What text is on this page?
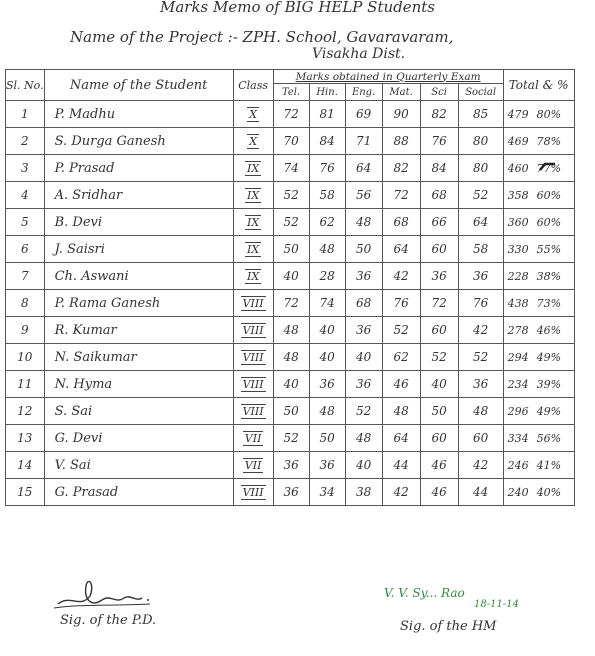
Marks Memo of BIG HELP Students
Name of the Project :- ZPH. School, Gavaravaram,
Visakha Dist.
Sl. No.	Name of the Student	Class	Marks obtained in Quarterly Exam						Total & %
			Tel.	Hin.	Eng.	Mat.	Sci	Social	
1	P. Madhu	X	72	81	69	90	82	85	479 80%
2	S. Durga Ganesh	X	70	84	71	88	76	80	469 78%
3	P. Prasad	IX	74	76	64	82	84	80	460 77%
4	A. Sridhar	IX	52	58	56	72	68	52	358 60%
5	B. Devi	IX	52	62	48	68	66	64	360 60%
6	J. Saisri	IX	50	48	50	64	60	58	330 55%
7	Ch. Aswani	IX	40	28	36	42	36	36	228 38%
8	P. Rama Ganesh	VIII	72	74	68	76	72	76	438 73%
9	R. Kumar	VIII	48	40	36	52	60	42	278 46%
10	N. Saikumar	VIII	48	40	40	62	52	52	294 49%
11	N. Hyma	VIII	40	36	36	46	40	36	234 39%
12	S. Sai	VIII	50	48	52	48	50	48	296 49%
13	G. Devi	VII	52	50	48	64	60	60	334 56%
14	V. Sai	VII	36	36	40	44	46	42	246 41%
15	G. Prasad	VIII	36	34	38	42	46	44	240 40%
Sig. of the P.D.
V. V. Sy... Rao
18-11-14
Sig. of the HM
